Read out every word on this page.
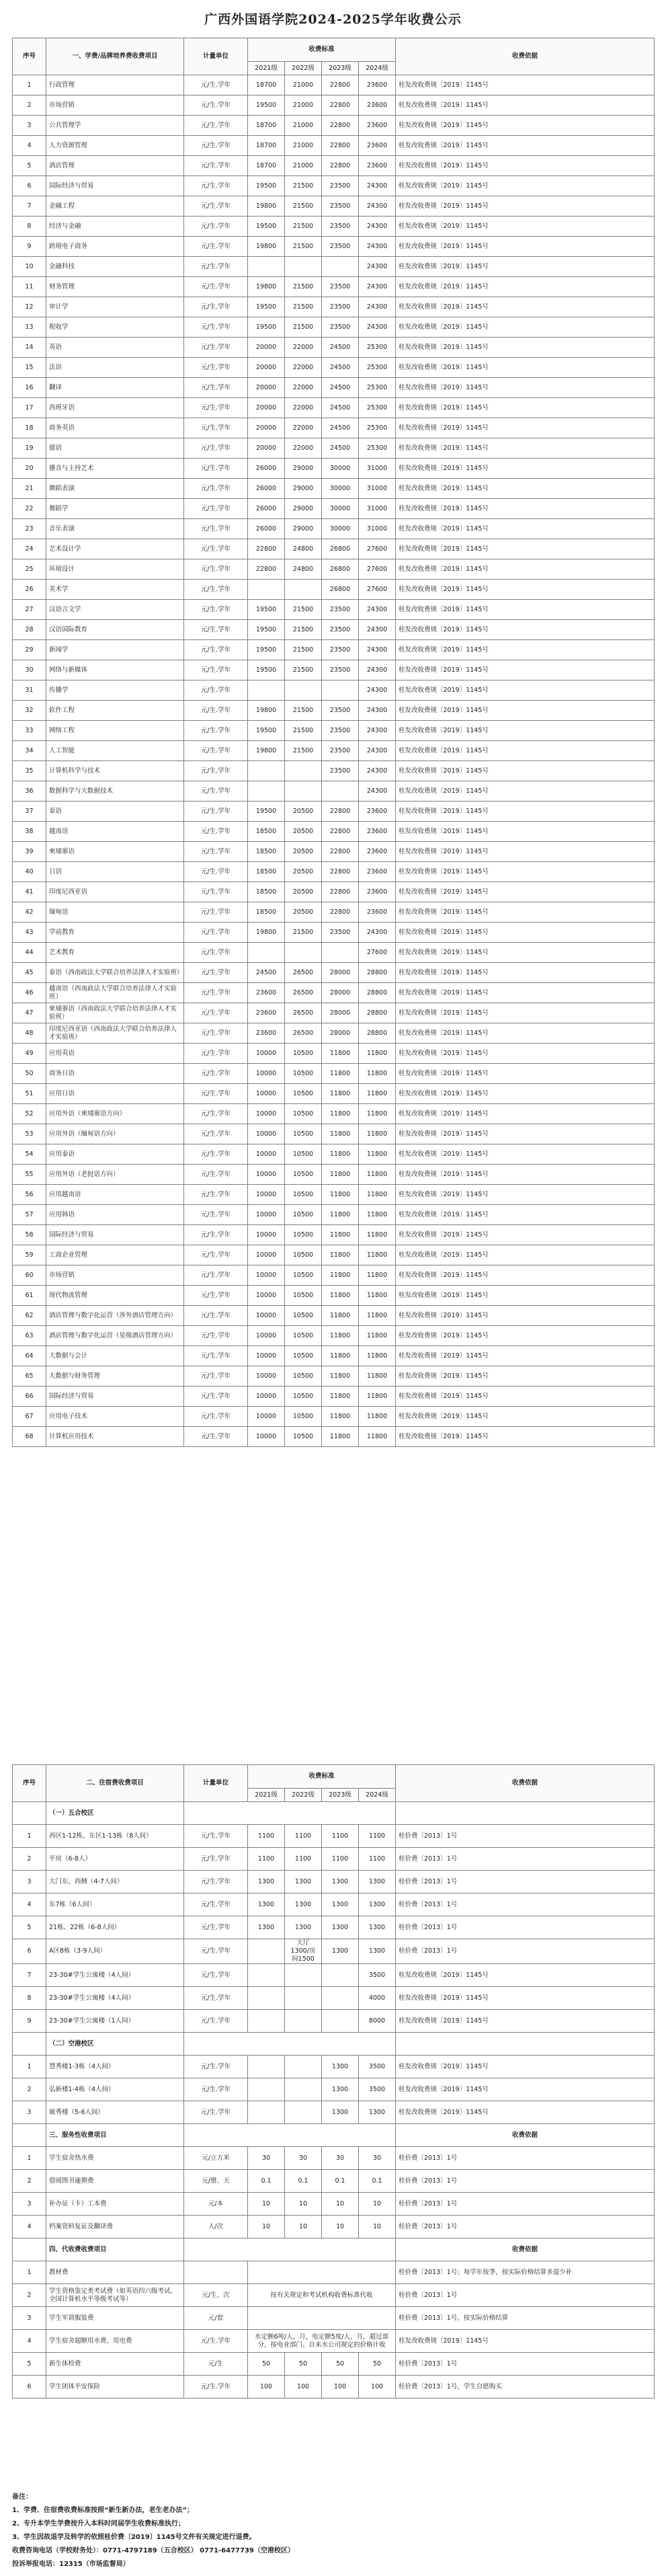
广西外国语学院2024-2025学年收费公示
序号	一、学费/品牌培养费收费项目	计量单位	收费标准				收费依据
			2021级	2022级	2023级	2024级	
1	行政管理	元/生.学年	18700	21000	22800	23600	桂发改收费规〔2019〕1145号
2	市场营销	元/生.学年	19500	21000	22800	23600	桂发改收费规〔2019〕1145号
3	公共管理学	元/生.学年	18700	21000	22800	23600	桂发改收费规〔2019〕1145号
4	人力资源管理	元/生.学年	18700	21000	22800	23600	桂发改收费规〔2019〕1145号
5	酒店管理	元/生.学年	18700	21000	22800	23600	桂发改收费规〔2019〕1145号
6	国际经济与贸易	元/生.学年	19500	21500	23500	24300	桂发改收费规〔2019〕1145号
7	金融工程	元/生.学年	19800	21500	23500	24300	桂发改收费规〔2019〕1145号
8	经济与金融	元/生.学年	19500	21500	23500	24300	桂发改收费规〔2019〕1145号
9	跨境电子商务	元/生.学年	19800	21500	23500	24300	桂发改收费规〔2019〕1145号
10	金融科技	元/生.学年				24300	桂发改收费规〔2019〕1145号
11	财务管理	元/生.学年	19800	21500	23500	24300	桂发改收费规〔2019〕1145号
12	审计学	元/生.学年	19500	21500	23500	24300	桂发改收费规〔2019〕1145号
13	税收学	元/生.学年	19500	21500	23500	24300	桂发改收费规〔2019〕1145号
14	英语	元/生.学年	20000	22000	24500	25300	桂发改收费规〔2019〕1145号
15	法语	元/生.学年	20000	22000	24500	25300	桂发改收费规〔2019〕1145号
16	翻译	元/生.学年	20000	22000	24500	25300	桂发改收费规〔2019〕1145号
17	西班牙语	元/生.学年	20000	22000	24500	25300	桂发改收费规〔2019〕1145号
18	商务英语	元/生.学年	20000	22000	24500	25300	桂发改收费规〔2019〕1145号
19	德语	元/生.学年	20000	22000	24500	25300	桂发改收费规〔2019〕1145号
20	播音与主持艺术	元/生.学年	26000	29000	30000	31000	桂发改收费规〔2019〕1145号
21	舞蹈表演	元/生.学年	26000	29000	30000	31000	桂发改收费规〔2019〕1145号
22	舞蹈学	元/生.学年	26000	29000	30000	31000	桂发改收费规〔2019〕1145号
23	音乐表演	元/生.学年	26000	29000	30000	31000	桂发改收费规〔2019〕1145号
24	艺术设计学	元/生.学年	22800	24800	26800	27600	桂发改收费规〔2019〕1145号
25	环境设计	元/生.学年	22800	24800	26800	27600	桂发改收费规〔2019〕1145号
26	美术学	元/生.学年			26800	27600	桂发改收费规〔2019〕1145号
27	汉语言文学	元/生.学年	19500	21500	23500	24300	桂发改收费规〔2019〕1145号
28	汉语国际教育	元/生.学年	19500	21500	23500	24300	桂发改收费规〔2019〕1145号
29	新闻学	元/生.学年	19500	21500	23500	24300	桂发改收费规〔2019〕1145号
30	网络与新媒体	元/生.学年	19500	21500	23500	24300	桂发改收费规〔2019〕1145号
31	传播学	元/生.学年				24300	桂发改收费规〔2019〕1145号
32	软件工程	元/生.学年	19800	21500	23500	24300	桂发改收费规〔2019〕1145号
33	网络工程	元/生.学年	19500	21500	23500	24300	桂发改收费规〔2019〕1145号
34	人工智能	元/生.学年	19800	21500	23500	24300	桂发改收费规〔2019〕1145号
35	计算机科学与技术	元/生.学年			23500	24300	桂发改收费规〔2019〕1145号
36	数据科学与大数据技术	元/生.学年				24300	桂发改收费规〔2019〕1145号
37	泰语	元/生.学年	19500	20500	22800	23600	桂发改收费规〔2019〕1145号
38	越南语	元/生.学年	18500	20500	22800	23600	桂发改收费规〔2019〕1145号
39	柬埔寨语	元/生.学年	18500	20500	22800	23600	桂发改收费规〔2019〕1145号
40	日语	元/生.学年	18500	20500	22800	23600	桂发改收费规〔2019〕1145号
41	印度尼西亚语	元/生.学年	18500	20500	22800	23600	桂发改收费规〔2019〕1145号
42	缅甸语	元/生.学年	18500	20500	22800	23600	桂发改收费规〔2019〕1145号
43	学前教育	元/生.学年	19800	21500	23500	24300	桂发改收费规〔2019〕1145号
44	艺术教育	元/生.学年				27600	桂发改收费规〔2019〕1145号
45	泰语（西南政法大学联合培养法律人才实验班）	元/生.学年	24500	26500	28000	28800	桂发改收费规〔2019〕1145号
46	越南语（西南政法大学联合培养法律人才实验班）	元/生.学年	23600	26500	28000	28800	桂发改收费规〔2019〕1145号
47	柬埔寨语（西南政法大学联合培养法律人才实验班）	元/生.学年	23600	26500	28000	28800	桂发改收费规〔2019〕1145号
48	印度尼西亚语（西南政法大学联合培养法律人才实验班）	元/生.学年	23600	26500	28000	28800	桂发改收费规〔2019〕1145号
49	应用英语	元/生.学年	10000	10500	11800	11800	桂发改收费规〔2019〕1145号
50	商务日语	元/生.学年	10000	10500	11800	11800	桂发改收费规〔2019〕1145号
51	应用日语	元/生.学年	10000	10500	11800	11800	桂发改收费规〔2019〕1145号
52	应用外语（柬埔寨语方向）	元/生.学年	10000	10500	11800	11800	桂发改收费规〔2019〕1145号
53	应用外语（缅甸语方向）	元/生.学年	10000	10500	11800	11800	桂发改收费规〔2019〕1145号
54	应用泰语	元/生.学年	10000	10500	11800	11800	桂发改收费规〔2019〕1145号
55	应用外语（老挝语方向）	元/生.学年	10000	10500	11800	11800	桂发改收费规〔2019〕1145号
56	应用越南语	元/生.学年	10000	10500	11800	11800	桂发改收费规〔2019〕1145号
57	应用韩语	元/生.学年	10000	10500	11800	11800	桂发改收费规〔2019〕1145号
58	国际经济与贸易	元/生.学年	10000	10500	11800	11800	桂发改收费规〔2019〕1145号
59	工商企业管理	元/生.学年	10000	10500	11800	11800	桂发改收费规〔2019〕1145号
60	市场营销	元/生.学年	10000	10500	11800	11800	桂发改收费规〔2019〕1145号
61	现代物流管理	元/生.学年	10000	10500	11800	11800	桂发改收费规〔2019〕1145号
62	酒店管理与数字化运营（涉外酒店管理方向）	元/生.学年	10000	10500	11800	11800	桂发改收费规〔2019〕1145号
63	酒店管理与数字化运营（星级酒店管理方向）	元/生.学年	10000	10500	11800	11800	桂发改收费规〔2019〕1145号
64	大数据与会计	元/生.学年	10000	10500	11800	11800	桂发改收费规〔2019〕1145号
65	大数据与财务管理	元/生.学年	10000	10500	11800	11800	桂发改收费规〔2019〕1145号
66	国际经济与贸易	元/生.学年	10000	10500	11800	11800	桂发改收费规〔2019〕1145号
67	应用电子技术	元/生.学年	10000	10500	11800	11800	桂发改收费规〔2019〕1145号
68	计算机应用技术	元/生.学年	10000	10500	11800	11800	桂发改收费规〔2019〕1145号
序号	二、住宿费收费项目	计量单位	收费标准				收费依据
			2021级	2022级	2023级	2024级	
	（一）五合校区						
1	西区1-12栋、东区1-13栋（8人间）	元/生.学年	1100	1100	1100	1100	桂价费〔2013〕1号
2	平房（6-8人）	元/生.学年	1100	1100	1100	1100	桂价费〔2013〕1号
3	大门东、西侧（4-7人间）	元/生.学年	1300	1300	1300	1300	桂价费〔2013〕1号
4	东7栋（6人间）	元/生.学年	1300	1300	1300	1300	桂价费〔2013〕1号
5	21栋、22栋（6-8人间）	元/生.学年	1300	1300	1300	1300	桂价费〔2013〕1号
6	A区8栋（3-9人间）	元/生.学年		大厅1300/房间1500	1300	1300	桂价费〔2013〕1号
7	23-30#学生公寓楼（4人间）	元/生.学年				3500	桂发改收费规〔2019〕1145号
8	23-30#学生公寓楼（4人间）	元/生.学年				4000	桂发改收费规〔2019〕1145号
9	23-30#学生公寓楼（1人间）	元/生.学年				8000	桂发改收费规〔2019〕1145号
	（二）空港校区						
1	慧秀楼1-3栋（4人间）	元/生.学年			1300	3500	桂发改收费规〔2019〕1145号
2	弘新楼1-4栋（4人间）	元/生.学年			1300	3500	桂发改收费规〔2019〕1145号
3	敏秀楼（5-6人间）	元/生.学年			1300	1300	桂发改收费规〔2019〕1145号
	三、服务性收费项目						收费依据
1	学生宿舍热水费	元/立方米	30	30	30	30	桂价费〔2013〕1号
2	借阅图书逾期费	元/册、天	0.1	0.1	0.1	0.1	桂价费〔2013〕1号
3	补办证（卡）工本费	元/本	10	10	10	10	桂价费〔2013〕1号
4	档案资料复证及翻译费	人/次	10	10	10	10	桂价费〔2013〕1号
	四、代收费收费项目						收费依据
1	教材费						桂价费〔2013〕1号；每学年按季，按实际价格结算多退少补
2	学生资格鉴定类考试费（如英语四六级考试、全国计算机水平等级考试等）	元/生、次	按有关规定和考试机构收费标准代收				桂价费〔2013〕1号
3	学生军训服装费	元/套					桂价费〔2013〕1号，按实际价格结算
4	学生宿舍超额用水费、用电费	元/生.学年	水定额6吨/人，月，电定额5度/人，月，超过部分，按电业部门、自来水公司规定的价格计收				桂发改收费规〔2019〕1145号
5	新生体检费	元/生	50	50	50	50	桂价费〔2013〕1号
6	学生团体平安保险	元/生.学年	100	100	100	100	桂价费〔2013〕1号，学生自愿购买
备注：
1、学费、住宿费收费标准按照“新生新办法，老生老办法”；
2、专升本学生学费按升入本科时同届学生收费标准执行；
3、学生因故退学及转学的依照桂价费〔2019〕1145号文件有关规定进行退费。
收费咨询电话（学校财务处）：0771-4797189（五合校区） 0771-6477739（空港校区）
投诉举报电话：12315（市场监督局）
